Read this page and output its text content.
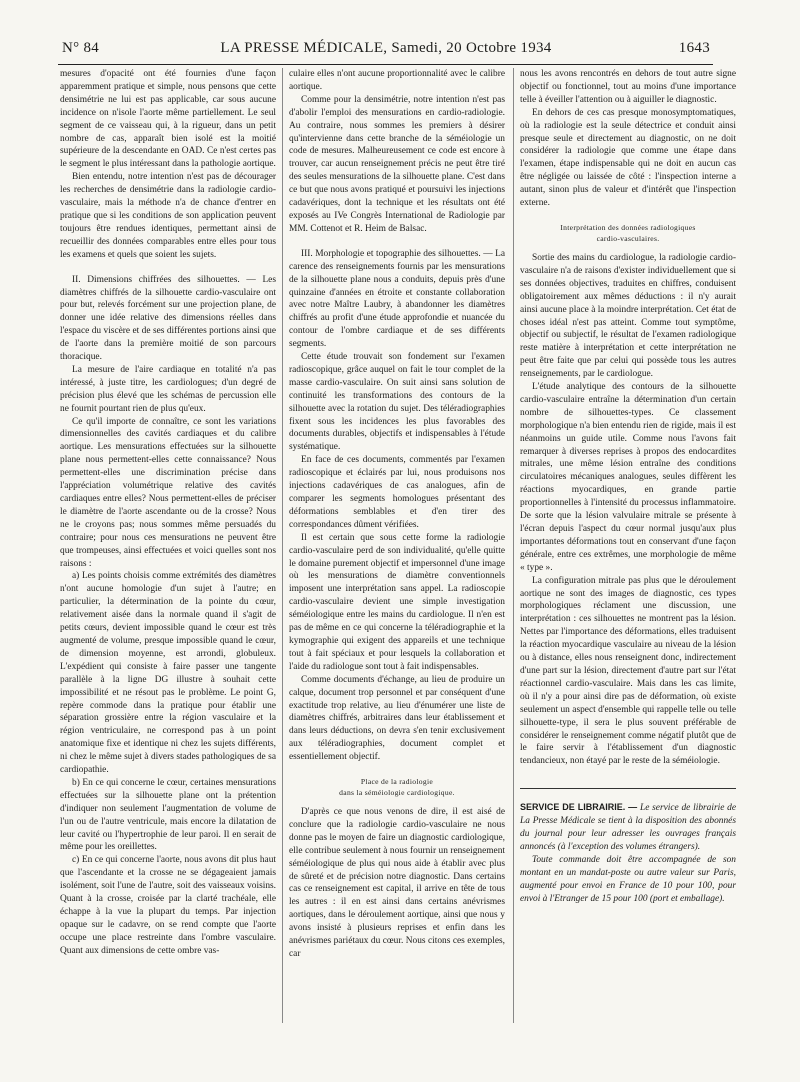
N° 84	LA PRESSE MÉDICALE, Samedi, 20 Octobre 1934	1643

mesures d'opacité ont été fournies d'une façon apparemment pratique et simple, nous pensons que cette densimétrie ne lui est pas applicable, car sous aucune incidence on n'isole l'aorte même partiellement. Le seul segment de ce vaisseau qui, à la rigueur, dans un petit nombre de cas, apparaît bien isolé est la moitié supérieure de la descendante en OAD. Ce n'est certes pas le segment le plus intéressant dans la pathologie aortique.

Bien entendu, notre intention n'est pas de décourager les recherches de densimétrie dans la radiologie cardio-vasculaire, mais la méthode n'a de chance d'entrer en pratique que si les conditions de son application peuvent toujours être rendues identiques, permettant ainsi de recueillir des données comparables entre elles pour tous les examens et quels que soient les sujets.

II. Dimensions chiffrées des silhouettes. — Les diamètres chiffrés de la silhouette cardio-vasculaire ont pour but, relevés forcément sur une projection plane, de donner une idée relative des dimensions réelles dans l'espace du viscère et de ses différentes portions ainsi que de l'aorte dans la première moitié de son parcours thoracique.

La mesure de l'aire cardiaque en totalité n'a pas intéressé, à juste titre, les cardiologues; d'un degré de précision plus élevé que les schémas de percussion elle ne fournit pourtant rien de plus qu'eux.

Ce qu'il importe de connaître, ce sont les variations dimensionnelles des cavités cardiaques et du calibre aortique. Les mensurations effectuées sur la silhouette plane nous permettent-elles cette connaissance? Nous permettent-elles une discrimination précise dans l'appréciation volumétrique relative des cavités cardiaques entre elles? Nous permettent-elles de préciser le diamètre de l'aorte ascendante ou de la crosse? Nous ne le croyons pas; nous sommes même persuadés du contraire; pour nous ces mensurations ne peuvent être que trompeuses, ainsi effectuées et voici quelles sont nos raisons :

a) Les points choisis comme extrémités des diamètres n'ont aucune homologie d'un sujet à l'autre; en particulier, la détermination de la pointe du cœur, relativement aisée dans la normale quand il s'agit de petits cœurs, devient impossible quand le cœur est très augmenté de volume, presque impossible quand le cœur, de dimension moyenne, est arrondi, globuleux. L'expédient qui consiste à faire passer une tangente parallèle à la ligne DG illustre à souhait cette impossibilité et ne résout pas le problème. Le point G, repère commode dans la pratique pour établir une séparation grossière entre la région vasculaire et la région ventriculaire, ne correspond pas à un point anatomique fixe et identique ni chez les sujets différents, ni chez le même sujet à divers stades pathologiques de sa cardiopathie.

b) En ce qui concerne le cœur, certaines mensurations effectuées sur la silhouette plane ont la prétention d'indiquer non seulement l'augmentation de volume de l'un ou de l'autre ventricule, mais encore la dilatation de leur cavité ou l'hypertrophie de leur paroi. Il en serait de même pour les oreillettes.

c) En ce qui concerne l'aorte, nous avons dit plus haut que l'ascendante et la crosse ne se dégageaient jamais isolément, soit l'une de l'autre, soit des vaisseaux voisins. Quant à la crosse, croisée par la clarté trachéale, elle échappe à la vue la plupart du temps. Par injection opaque sur le cadavre, on se rend compte que l'aorte occupe une place restreinte dans l'ombre vasculaire. Quant aux dimensions de cette ombre vas-

culaire elles n'ont aucune proportionnalité avec le calibre aortique.

Comme pour la densimétrie, notre intention n'est pas d'abolir l'emploi des mensurations en cardio-radiologie. Au contraire, nous sommes les premiers à désirer qu'intervienne dans cette branche de la séméiologie un code de mesures. Malheureusement ce code est encore à trouver, car aucun renseignement précis ne peut être tiré des seules mensurations de la silhouette plane. C'est dans ce but que nous avons pratiqué et poursuivi les injections cadavériques, dont la technique et les résultats ont été exposés au IVe Congrès International de Radiologie par MM. Cottenot et R. Heim de Balsac.

III. Morphologie et topographie des silhouettes. — La carence des renseignements fournis par les mensurations de la silhouette plane nous a conduits, depuis près d'une quinzaine d'années en étroite et constante collaboration avec notre Maître Laubry, à abandonner les diamètres chiffrés au profit d'une étude approfondie et nuancée du contour de l'ombre cardiaque et de ses différents segments.

Cette étude trouvait son fondement sur l'examen radioscopique, grâce auquel on fait le tour complet de la masse cardio-vasculaire. On suit ainsi sans solution de continuité les transformations des contours de la silhouette avec la rotation du sujet. Des téléradiographies fixent sous les incidences les plus favorables des documents durables, objectifs et indispensables à l'étude systématique.

En face de ces documents, commentés par l'examen radioscopique et éclairés par lui, nous produisons nos injections cadavériques de cas analogues, afin de comparer les segments homologues présentant des déformations semblables et d'en tirer des correspondances dûment vérifiées.

Il est certain que sous cette forme la radiologie cardio-vasculaire perd de son individualité, qu'elle quitte le domaine purement objectif et impersonnel d'une image où les mensurations de diamètre conventionnels imposent une interprétation sans appel. La radioscopie cardio-vasculaire devient une simple investigation séméiologique entre les mains du cardiologue. Il n'en est pas de même en ce qui concerne la téléradiographie et la kymographie qui exigent des appareils et une technique tout à fait spéciaux et pour lesquels la collaboration et l'aide du radiologue sont tout à fait indispensables.

Comme documents d'échange, au lieu de produire un calque, document trop personnel et par conséquent d'une exactitude trop relative, au lieu d'énumérer une liste de diamètres chiffrés, arbitraires dans leur établissement et dans leurs déductions, on devra s'en tenir exclusivement aux téléradiographies, document complet et essentiellement objectif.

Place de la radiologie
dans la séméiologie cardiologique.

D'après ce que nous venons de dire, il est aisé de conclure que la radiologie cardio-vasculaire ne nous donne pas le moyen de faire un diagnostic cardiologique, elle contribue seulement à nous fournir un renseignement séméiologique de plus qui nous aide à établir avec plus de sûreté et de précision notre diagnostic. Dans certains cas ce renseignement est capital, il arrive en tête de tous les autres : il en est ainsi dans certains anévrismes aortiques, dans le déroulement aortique, ainsi que nous y avons insisté à plusieurs reprises et enfin dans les anévrismes pariétaux du cœur. Nous citons ces exemples, car

nous les avons rencontrés en dehors de tout autre signe objectif ou fonctionnel, tout au moins d'une importance telle à éveiller l'attention ou à aiguiller le diagnostic.

En dehors de ces cas presque monosymptomatiques, où la radiologie est la seule détectrice et conduit ainsi presque seule et directement au diagnostic, on ne doit considérer la radiologie que comme une étape dans l'examen, étape indispensable qui ne doit en aucun cas être négligée ou laissée de côté : l'inspection interne a autant, sinon plus de valeur et d'intérêt que l'inspection externe.

Interprétation des données radiologiques
cardio-vasculaires.

Sortie des mains du cardiologue, la radiologie cardio-vasculaire n'a de raisons d'exister individuellement que si ses données objectives, traduites en chiffres, conduisent obligatoirement aux mêmes déductions : il n'y aurait ainsi aucune place à la moindre interprétation. Cet état de choses idéal n'est pas atteint. Comme tout symptôme, objectif ou subjectif, le résultat de l'examen radiologique reste matière à interprétation et cette interprétation ne peut être faite que par celui qui possède tous les autres renseignements, par le cardiologue.

L'étude analytique des contours de la silhouette cardio-vasculaire entraîne la détermination d'un certain nombre de silhouettes-types. Ce classement morphologique n'a bien entendu rien de rigide, mais il est néanmoins un guide utile. Comme nous l'avons fait remarquer à diverses reprises à propos des endocardites mitrales, une même lésion entraîne des conditions circulatoires mécaniques analogues, seules diffèrent les réactions myocardiques, en grande partie proportionnelles à l'intensité du processus inflammatoire. De sorte que la lésion valvulaire mitrale se présente à l'écran depuis l'aspect du cœur normal jusqu'aux plus importantes déformations tout en conservant d'une façon générale, entre ces extrêmes, une morphologie de même « type ».

La configuration mitrale pas plus que le déroulement aortique ne sont des images de diagnostic, ces types morphologiques réclament une discussion, une interprétation : ces silhouettes ne montrent pas la lésion. Nettes par l'importance des déformations, elles traduisent la réaction myocardique vasculaire au niveau de la lésion ou à distance, elles nous renseignent donc, indirectement d'une part sur la lésion, directement d'autre part sur l'état réactionnel cardio-vasculaire. Mais dans les cas limite, où il n'y a pour ainsi dire pas de déformation, où existe seulement un aspect d'ensemble qui rappelle telle ou telle silhouette-type, il sera le plus souvent préférable de considérer le renseignement comme négatif plutôt que de le faire servir à l'établissement d'un diagnostic tendancieux, non étayé par le reste de la séméiologie.

SERVICE DE LIBRAIRIE. — Le service de librairie de La Presse Médicale se tient à la disposition des abonnés du journal pour leur adresser les ouvrages français annoncés (à l'exception des volumes étrangers).

Toute commande doit être accompagnée de son montant en un mandat-poste ou autre valeur sur Paris, augmenté pour envoi en France de 10 pour 100, pour envoi à l'Etranger de 15 pour 100 (port et emballage).
